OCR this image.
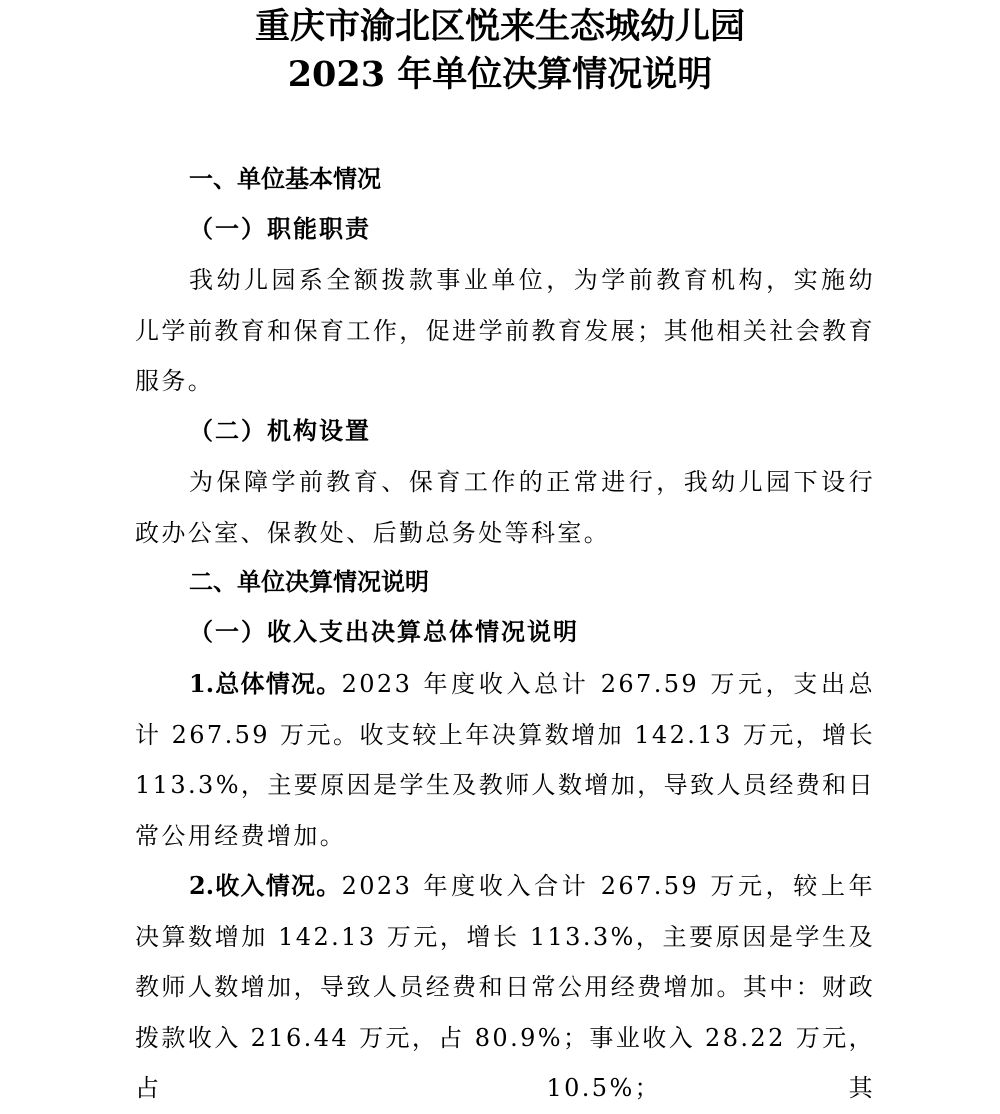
重庆市渝北区悦来生态城幼儿园
2023 年单位决算情况说明
一、单位基本情况
（一）职能职责

我幼儿园系全额拨款事业单位，为学前教育机构，实施幼儿学前教育和保育工作，促进学前教育发展；其他相关社会教育服务。

（二）机构设置

为保障学前教育、保育工作的正常进行，我幼儿园下设行政办公室、保教处、后勤总务处等科室。

二、单位决算情况说明
（一）收入支出决算总体情况说明

1.总体情况。2023 年度收入总计 267.59 万元，支出总计 267.59 万元。收支较上年决算数增加 142.13 万元，增长 113.3%，主要原因是学生及教师人数增加，导致人员经费和日常公用经费增加。

2.收入情况。2023 年度收入合计 267.59 万元，较上年决算数增加 142.13 万元，增长 113.3%，主要原因是学生及教师人数增加，导致人员经费和日常公用经费增加。其中：财政拨款收入 216.44 万元，占 80.9%；事业收入 28.22 万元，占 10.5%；其
